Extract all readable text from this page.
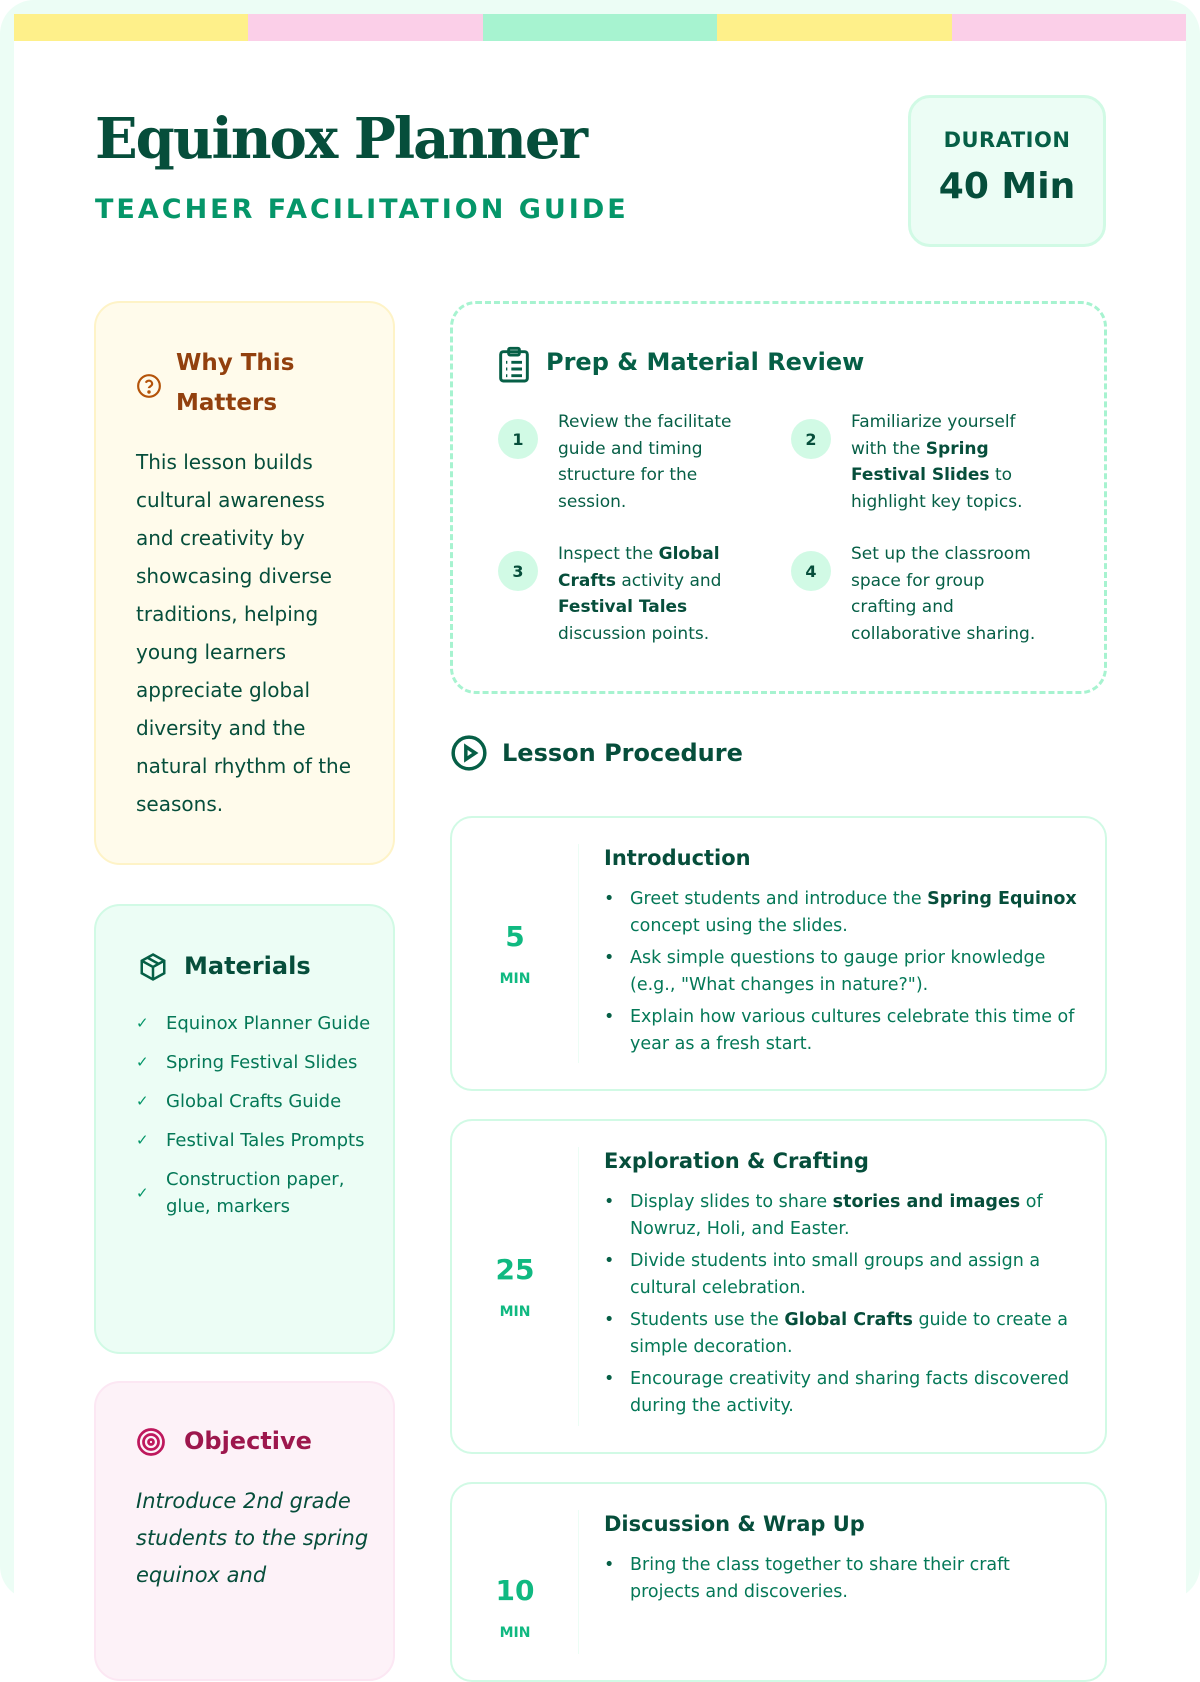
Equinox Planner
TEACHER FACILITATION GUIDE
DURATION
40 Min
Why This Matters

This lesson builds cultural awareness and creativity by showcasing diverse traditions, helping young learners appreciate global diversity and the natural rhythm of the seasons.

Materials
✓ Equinox Planner Guide
✓ Spring Festival Slides
✓ Global Crafts Guide
✓ Festival Tales Prompts
✓
Construction paper, glue, markers
Objective

Introduce 2nd grade students to the spring equinox and

Prep & Material Review
1
Review the facilitate guide and timing structure for the session.
2
Familiarize yourself with the Spring Festival Slides to highlight key topics.
3
Inspect the Global Crafts activity and Festival Tales discussion points.
4
Set up the classroom space for group crafting and collaborative sharing.
Lesson Procedure
5
MIN
Introduction
• Greet students and introduce the Spring Equinox concept using the slides.
• Ask simple questions to gauge prior knowledge (e.g., "What changes in nature?").
• Explain how various cultures celebrate this time of year as a fresh start.
25
MIN
Exploration & Crafting
• Display slides to share stories and images of Nowruz, Holi, and Easter.
• Divide students into small groups and assign a cultural celebration.
• Students use the Global Crafts guide to create a simple decoration.
• Encourage creativity and sharing facts discovered during the activity.
10
MIN
Discussion & Wrap Up
• Bring the class together to share their craft projects and discoveries.
